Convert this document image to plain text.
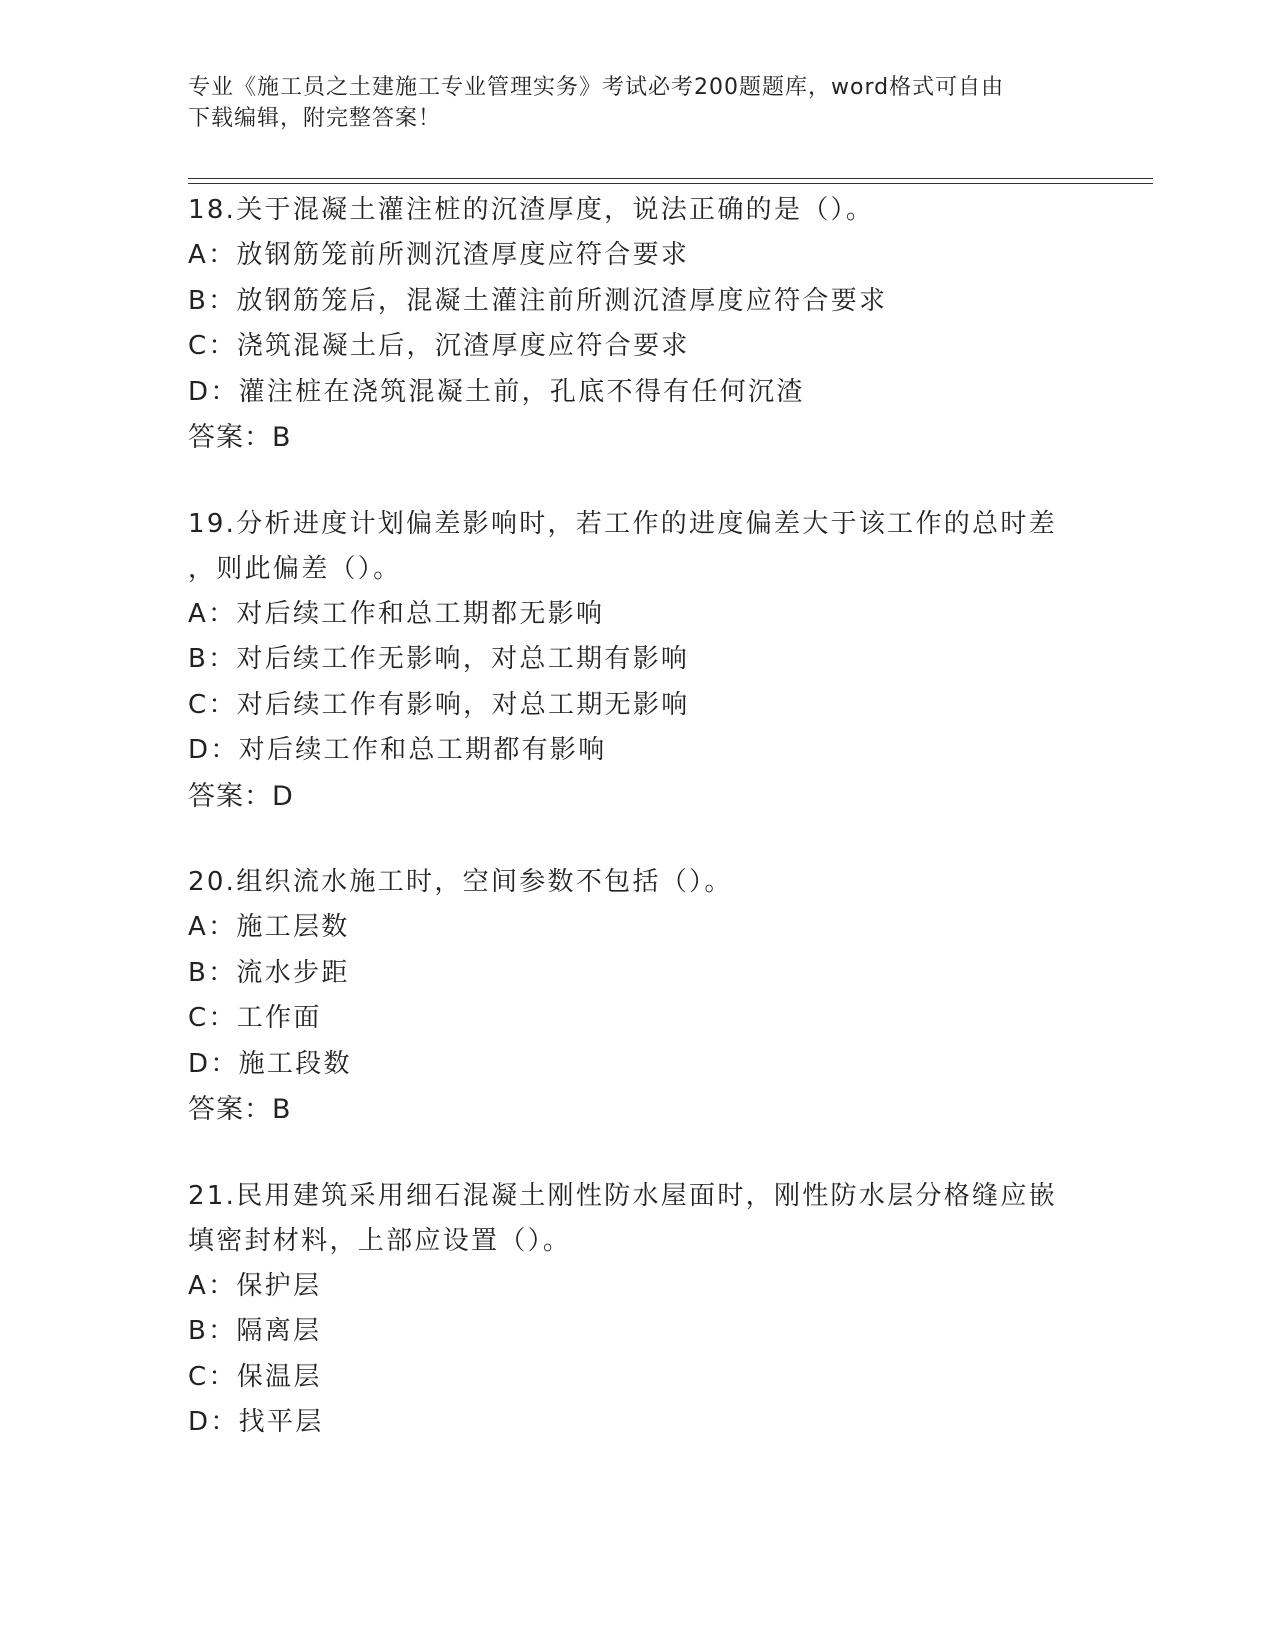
专业《施工员之土建施工专业管理实务》考试必考200题题库，word格式可自由
下载编辑，附完整答案！
18.关于混凝土灌注桩的沉渣厚度，说法正确的是（）。
A：放钢筋笼前所测沉渣厚度应符合要求
B：放钢筋笼后，混凝土灌注前所测沉渣厚度应符合要求
C：浇筑混凝土后，沉渣厚度应符合要求
D：灌注桩在浇筑混凝土前，孔底不得有任何沉渣
答案：B
19.分析进度计划偏差影响时，若工作的进度偏差大于该工作的总时差
，则此偏差（）。
A：对后续工作和总工期都无影响
B：对后续工作无影响，对总工期有影响
C：对后续工作有影响，对总工期无影响
D：对后续工作和总工期都有影响
答案：D
20.组织流水施工时，空间参数不包括（）。
A：施工层数
B：流水步距
C：工作面
D：施工段数
答案：B
21.民用建筑采用细石混凝土刚性防水屋面时，刚性防水层分格缝应嵌
填密封材料，上部应设置（）。
A：保护层
B：隔离层
C：保温层
D：找平层
